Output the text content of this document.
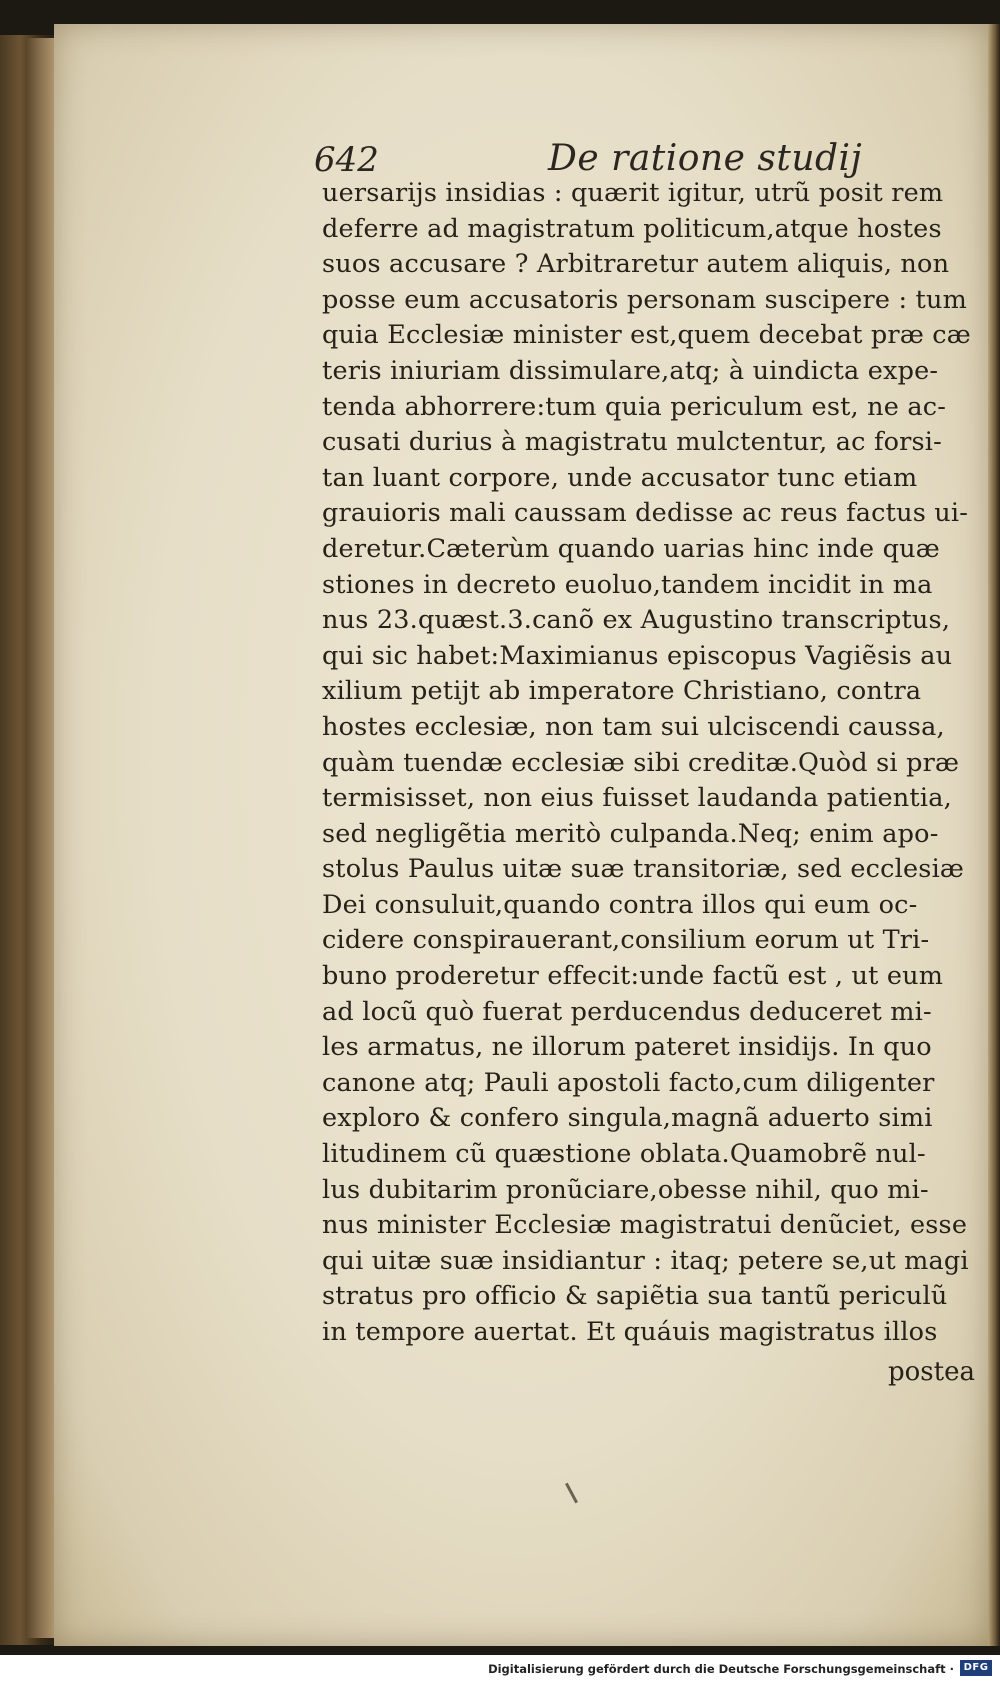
642	De ratione studij
uersarijs insidias : quærit igitur, utrũ posit rem
deferre ad magistratum politicum,atque hostes
suos accusare ? Arbitraretur autem aliquis, non
posse eum accusatoris personam suscipere : tum
quia Ecclesiæ minister est,quem decebat præ cæ
teris iniuriam dissimulare,atq; à uindicta expe-
tenda abhorrere:tum quia periculum est, ne ac-
cusati durius à magistratu mulctentur, ac forsi-
tan luant corpore, unde accusator tunc etiam
grauioris mali caussam dedisse ac reus factus ui-
deretur.Cæterùm quando uarias hinc inde quæ
stiones in decreto euoluo,tandem incidit in ma
nus 23.quæst.3.canõ ex Augustino transcriptus,
qui sic habet:Maximianus episcopus Vagiẽsis au
xilium petijt ab imperatore Christiano, contra
hostes ecclesiæ, non tam sui ulciscendi caussa,
quàm tuendæ ecclesiæ sibi creditæ.Quòd si præ
termisisset, non eius fuisset laudanda patientia,
sed negligẽtia meritò culpanda.Neq; enim apo-
stolus Paulus uitæ suæ transitoriæ, sed ecclesiæ
Dei consuluit,quando contra illos qui eum oc-
cidere conspirauerant,consilium eorum ut Tri-
buno proderetur effecit:unde factũ est , ut eum
ad locũ quò fuerat perducendus deduceret mi-
les armatus, ne illorum pateret insidijs. In quo
canone atq; Pauli apostoli facto,cum diligenter
exploro & confero singula,magnã aduerto simi
litudinem cũ quæstione oblata.Quamobrẽ nul-
lus dubitarim pronũciare,obesse nihil, quo mi-
nus minister Ecclesiæ magistratui denũciet, esse
qui uitæ suæ insidiantur : itaq; petere se,ut magi
stratus pro officio & sapiẽtia sua tantũ periculũ
in tempore auertat. Et quáuis magistratus illos
postea
Digitalisierung gefördert durch die Deutsche Forschungsgemeinschaft · DFG
